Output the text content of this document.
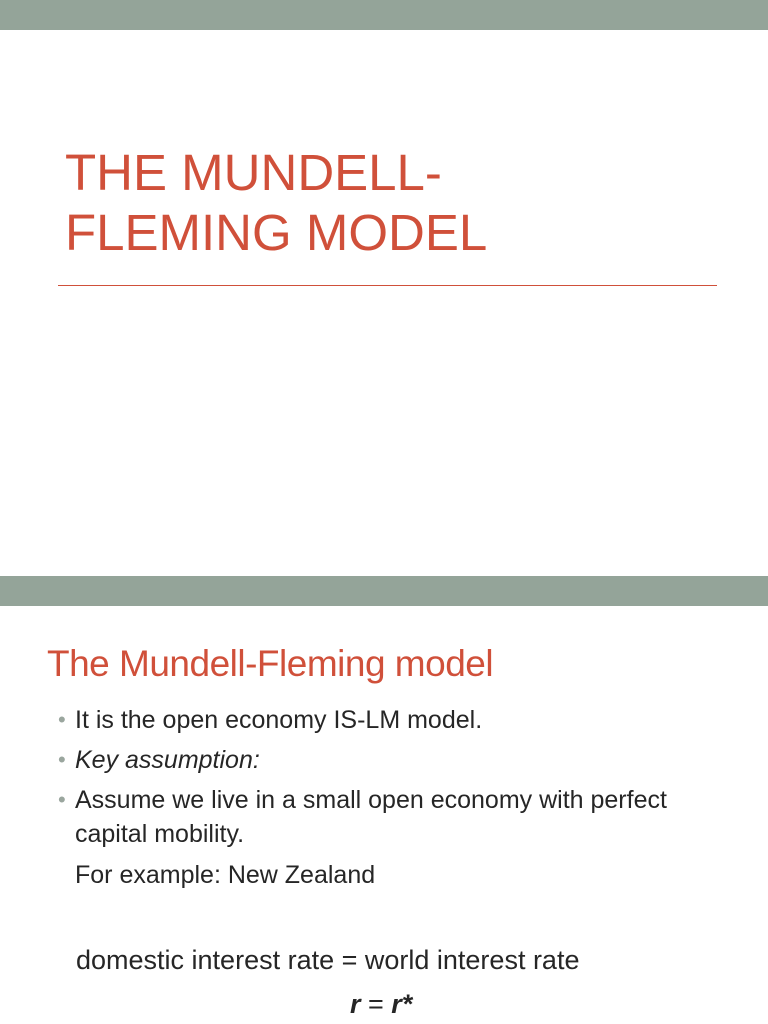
THE MUNDELL-
FLEMING MODEL
The Mundell-Fleming model
• It is the open economy IS-LM model.
• Key assumption:
• Assume we live in a small open economy with perfect capital mobility.
For example: New Zealand
domestic interest rate = world interest rate
r = r*
